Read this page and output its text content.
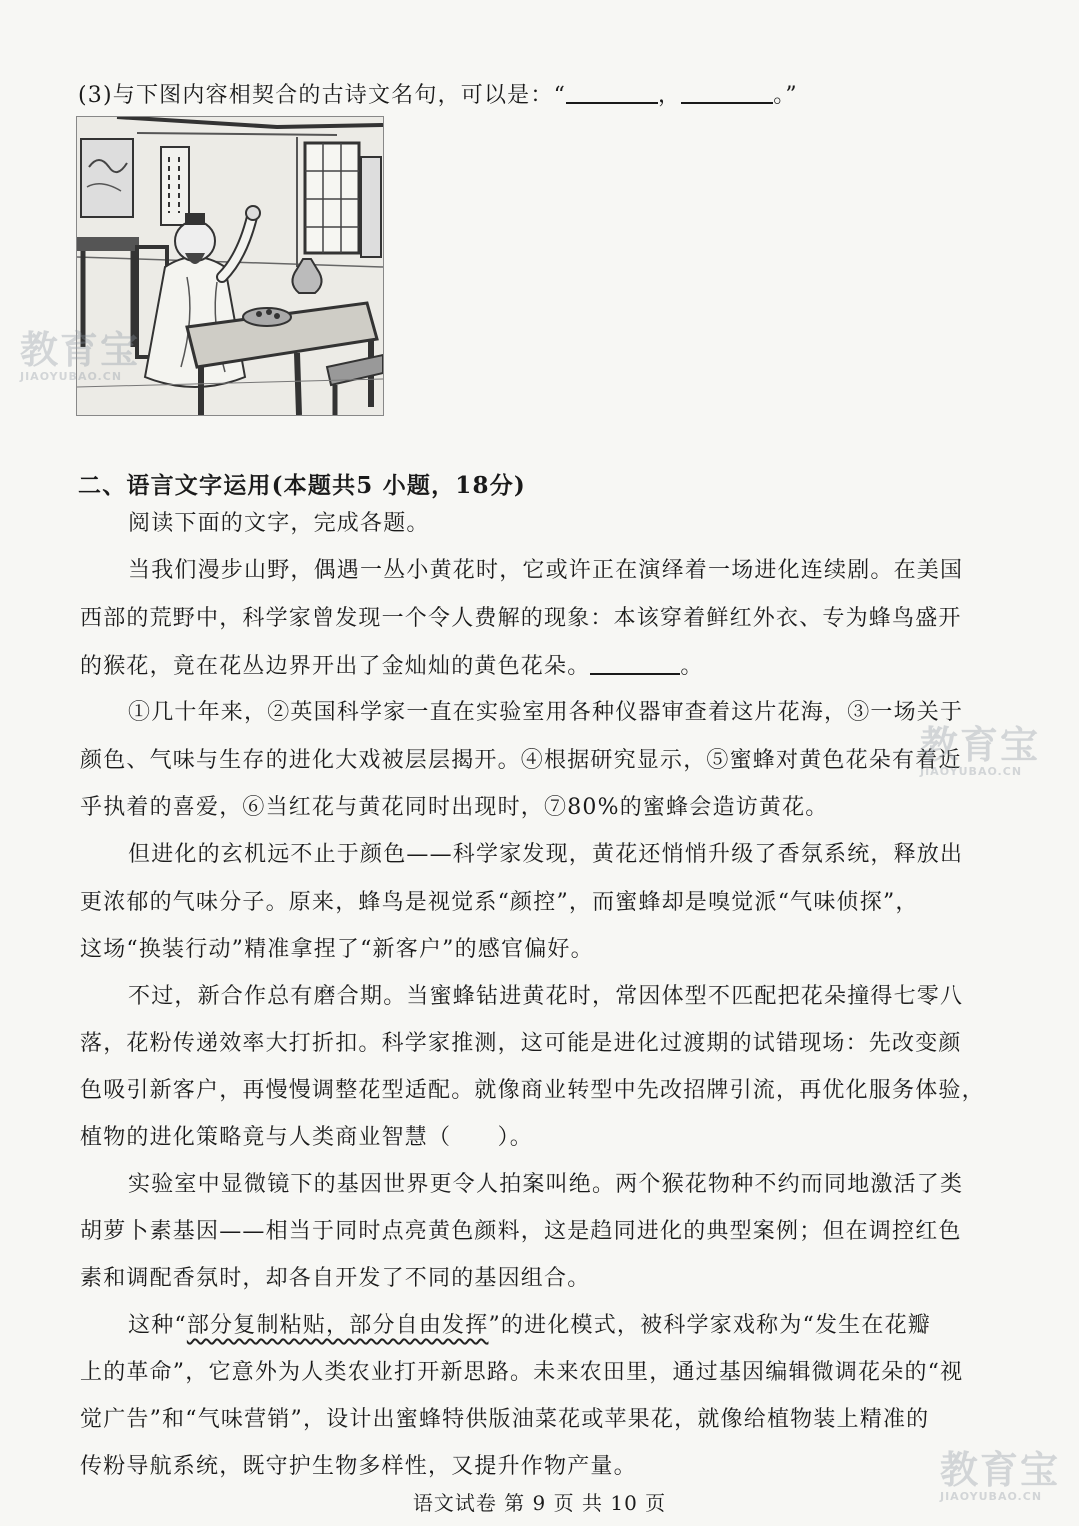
(3)与下图内容相契合的古诗文名句，可以是：“	，	。”
二、语言文字运用(本题共5 小题，18分)
阅读下面的文字，完成各题。
当我们漫步山野，偶遇一丛小黄花时，它或许正在演绎着一场进化连续剧。在美国
西部的荒野中，科学家曾发现一个令人费解的现象：本该穿着鲜红外衣、专为蜂鸟盛开
的猴花，竟在花丛边界开出了金灿灿的黄色花朵。	。
①几十年来，②英国科学家一直在实验室用各种仪器审查着这片花海，③一场关于
颜色、气味与生存的进化大戏被层层揭开。④根据研究显示，⑤蜜蜂对黄色花朵有着近
乎执着的喜爱，⑥当红花与黄花同时出现时，⑦80%的蜜蜂会造访黄花。
但进化的玄机远不止于颜色——科学家发现，黄花还悄悄升级了香氛系统，释放出
更浓郁的气味分子。原来，蜂鸟是视觉系“颜控”，而蜜蜂却是嗅觉派“气味侦探”，
这场“换装行动”精准拿捏了“新客户”的感官偏好。
不过，新合作总有磨合期。当蜜蜂钻进黄花时，常因体型不匹配把花朵撞得七零八
落，花粉传递效率大打折扣。科学家推测，这可能是进化过渡期的试错现场：先改变颜
色吸引新客户，再慢慢调整花型适配。就像商业转型中先改招牌引流，再优化服务体验，
植物的进化策略竟与人类商业智慧（　　）。
实验室中显微镜下的基因世界更令人拍案叫绝。两个猴花物种不约而同地激活了类
胡萝卜素基因——相当于同时点亮黄色颜料，这是趋同进化的典型案例；但在调控红色
素和调配香氛时，却各自开发了不同的基因组合。
这种“部分复制粘贴，部分自由发挥”的进化模式，被科学家戏称为“发生在花瓣
上的革命”，它意外为人类农业打开新思路。未来农田里，通过基因编辑微调花朵的“视
觉广告”和“气味营销”，设计出蜜蜂特供版油菜花或苹果花，就像给植物装上精准的
传粉导航系统，既守护生物多样性，又提升作物产量。
语文试卷 第 9 页 共 10 页
教育宝
JIAOYUBAO.CN
教育宝
JIAOYUBAO.CN
教育宝
JIAOYUBAO.CN
